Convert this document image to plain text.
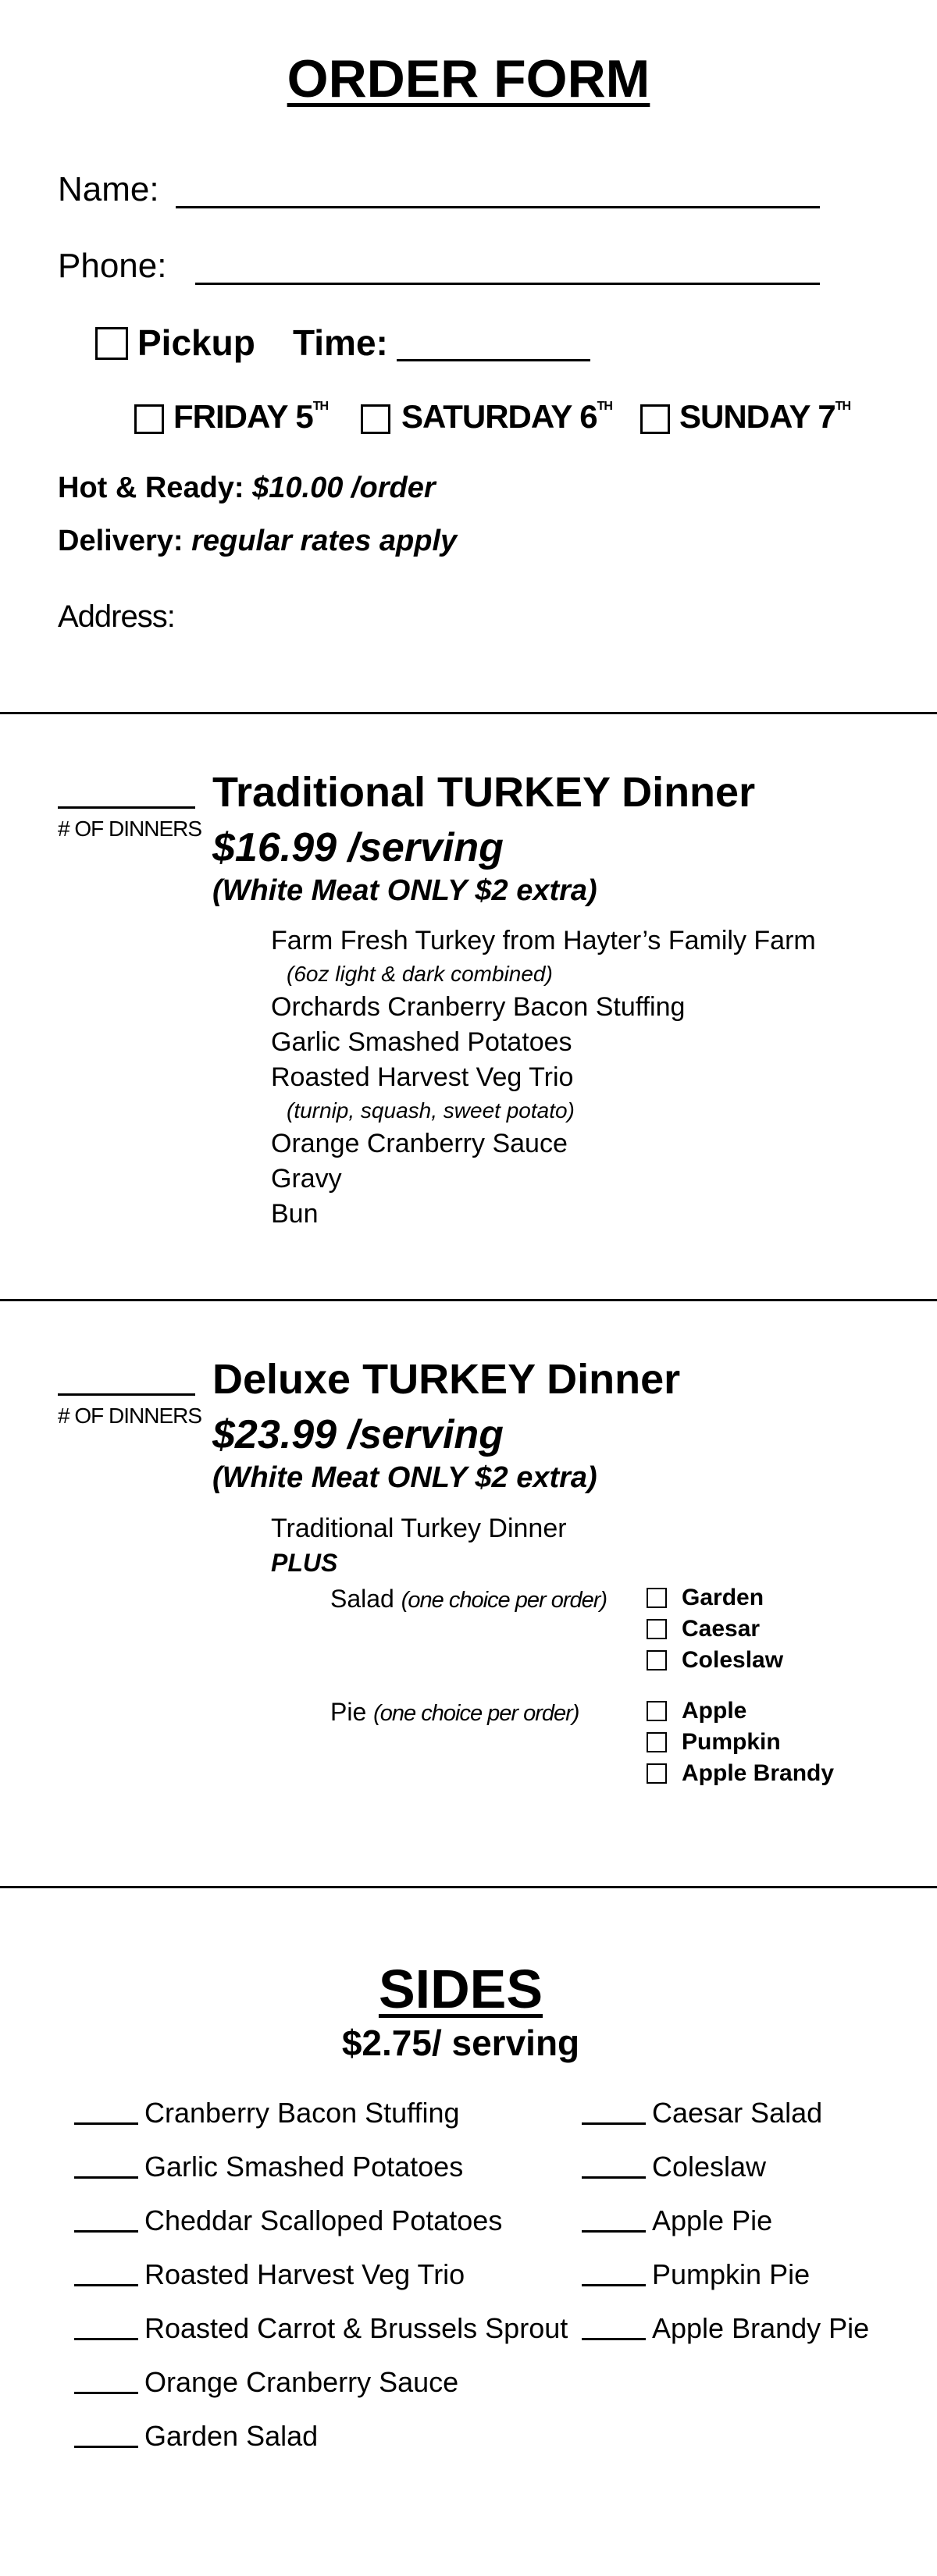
ORDER FORM
Name:
Phone:
Pickup Time:
FRIDAY 5TH SATURDAY 6TH SUNDAY 7TH
Hot & Ready: $10.00 /order
Delivery: regular rates apply
Address:
# OF DINNERS
Traditional TURKEY Dinner
$16.99 /serving
(White Meat ONLY $2 extra)
Farm Fresh Turkey from Hayter’s Family Farm
(6oz light & dark combined)
Orchards Cranberry Bacon Stuffing
Garlic Smashed Potatoes
Roasted Harvest Veg Trio
(turnip, squash, sweet potato)
Orange Cranberry Sauce
Gravy
Bun
# OF DINNERS
Deluxe TURKEY Dinner
$23.99 /serving
(White Meat ONLY $2 extra)
Traditional Turkey Dinner
PLUS
Salad (one choice per order)	Garden
Caesar
Coleslaw
Pie (one choice per order)	Apple
Pumpkin
Apple Brandy
SIDES
$2.75/ serving
Cranberry Bacon Stuffing
Garlic Smashed Potatoes
Cheddar Scalloped Potatoes
Roasted Harvest Veg Trio
Roasted Carrot & Brussels Sprout
Orange Cranberry Sauce
Garden Salad
Caesar Salad
Coleslaw
Apple Pie
Pumpkin Pie
Apple Brandy Pie
